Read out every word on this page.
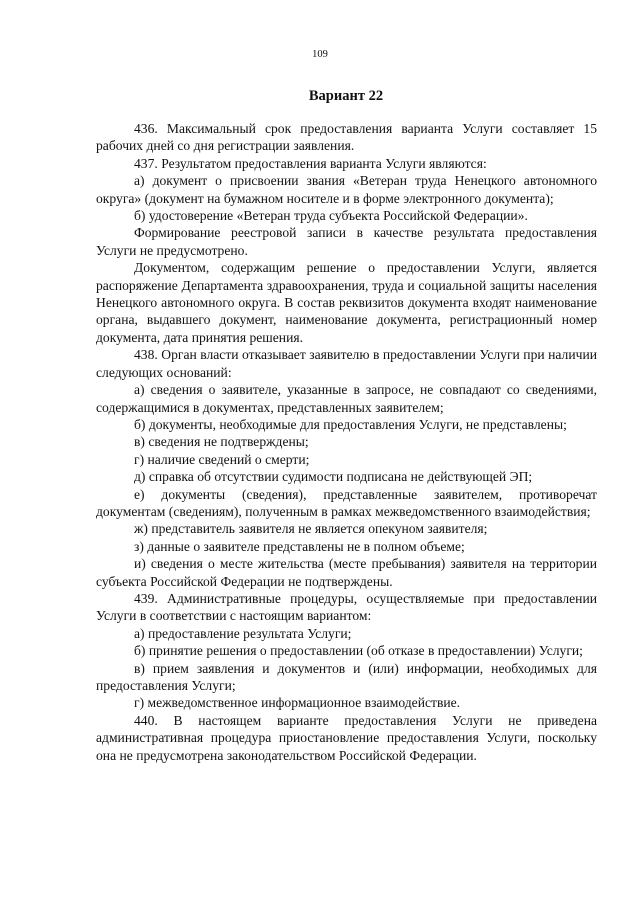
109
Вариант 22

436. Максимальный срок предоставления варианта Услуги составляет 15 рабочих дней со дня регистрации заявления.

437. Результатом предоставления варианта Услуги являются:

а) документ о присвоении звания «Ветеран труда Ненецкого автономного округа» (документ на бумажном носителе и в форме электронного документа);

б) удостоверение «Ветеран труда субъекта Российской Федерации».

Формирование реестровой записи в качестве результата предоставления Услуги не предусмотрено.

Документом, содержащим решение о предоставлении Услуги, является распоряжение Департамента здравоохранения, труда и социальной защиты населения Ненецкого автономного округа. В состав реквизитов документа входят наименование органа, выдавшего документ, наименование документа, регистрационный номер документа, дата принятия решения.

438. Орган власти отказывает заявителю в предоставлении Услуги при наличии следующих оснований:

а) сведения о заявителе, указанные в запросе, не совпадают со сведениями, содержащимися в документах, представленных заявителем;

б) документы, необходимые для предоставления Услуги, не представлены;

в) сведения не подтверждены;

г) наличие сведений о смерти;

д) справка об отсутствии судимости подписана не действующей ЭП;

е) документы (сведения), представленные заявителем, противоречат документам (сведениям), полученным в рамках межведомственного взаимодействия;

ж) представитель заявителя не является опекуном заявителя;

з) данные о заявителе представлены не в полном объеме;

и) сведения о месте жительства (месте пребывания) заявителя на территории субъекта Российской Федерации не подтверждены.

439. Административные процедуры, осуществляемые при предоставлении Услуги в соответствии с настоящим вариантом:

а) предоставление результата Услуги;

б) принятие решения о предоставлении (об отказе в предоставлении) Услуги;

в) прием заявления и документов и (или) информации, необходимых для предоставления Услуги;

г) межведомственное информационное взаимодействие.

440. В настоящем варианте предоставления Услуги не приведена административная процедура приостановление предоставления Услуги, поскольку она не предусмотрена законодательством Российской Федерации.
